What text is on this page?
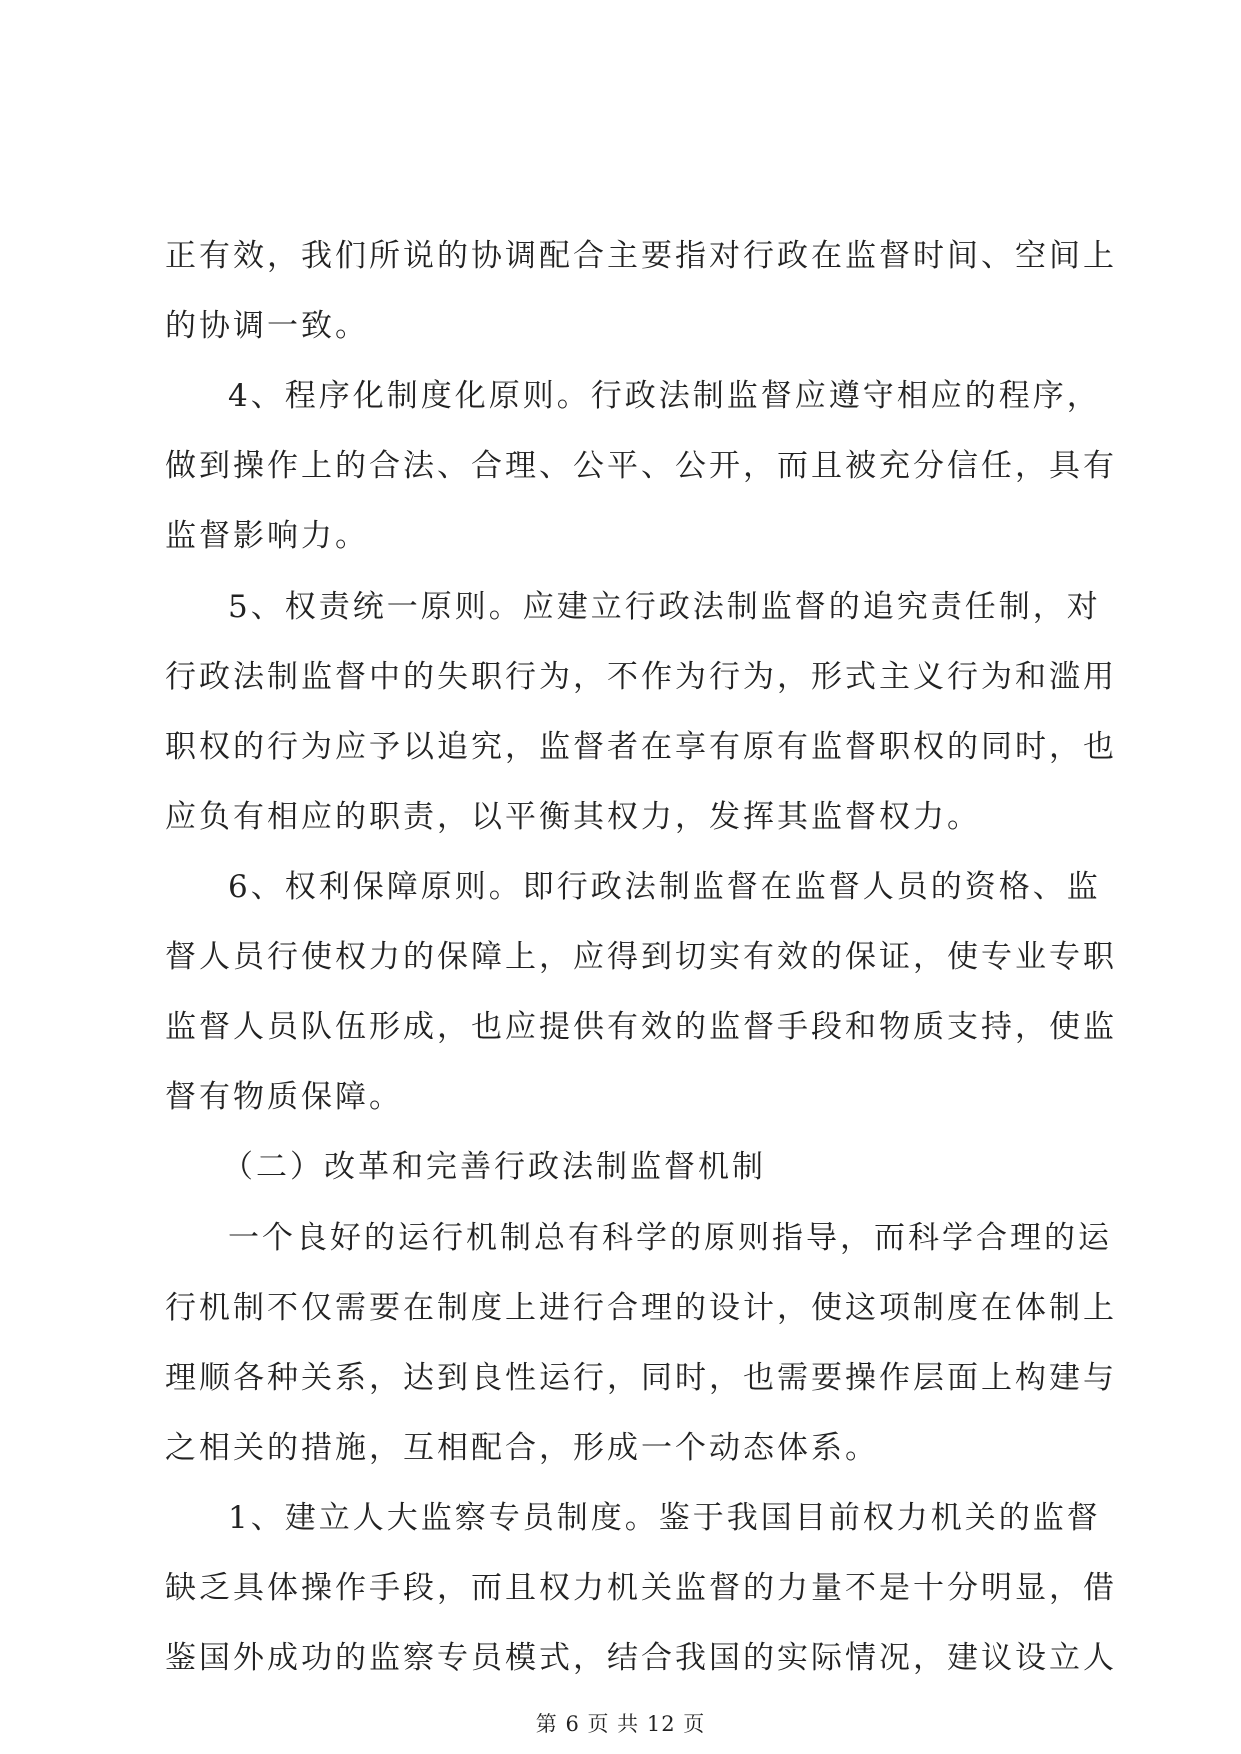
正有效，我们所说的协调配合主要指对行政在监督时间、空间上
的协调一致。
4、程序化制度化原则。行政法制监督应遵守相应的程序，
做到操作上的合法、合理、公平、公开，而且被充分信任，具有
监督影响力。
5、权责统一原则。应建立行政法制监督的追究责任制，对
行政法制监督中的失职行为，不作为行为，形式主义行为和滥用
职权的行为应予以追究，监督者在享有原有监督职权的同时，也
应负有相应的职责，以平衡其权力，发挥其监督权力。
6、权利保障原则。即行政法制监督在监督人员的资格、监
督人员行使权力的保障上，应得到切实有效的保证，使专业专职
监督人员队伍形成，也应提供有效的监督手段和物质支持，使监
督有物质保障。
（二）改革和完善行政法制监督机制
一个良好的运行机制总有科学的原则指导，而科学合理的运
行机制不仅需要在制度上进行合理的设计，使这项制度在体制上
理顺各种关系，达到良性运行，同时，也需要操作层面上构建与
之相关的措施，互相配合，形成一个动态体系。
1、建立人大监察专员制度。鉴于我国目前权力机关的监督
缺乏具体操作手段，而且权力机关监督的力量不是十分明显，借
鉴国外成功的监察专员模式，结合我国的实际情况，建议设立人
第 6 页 共 12 页
